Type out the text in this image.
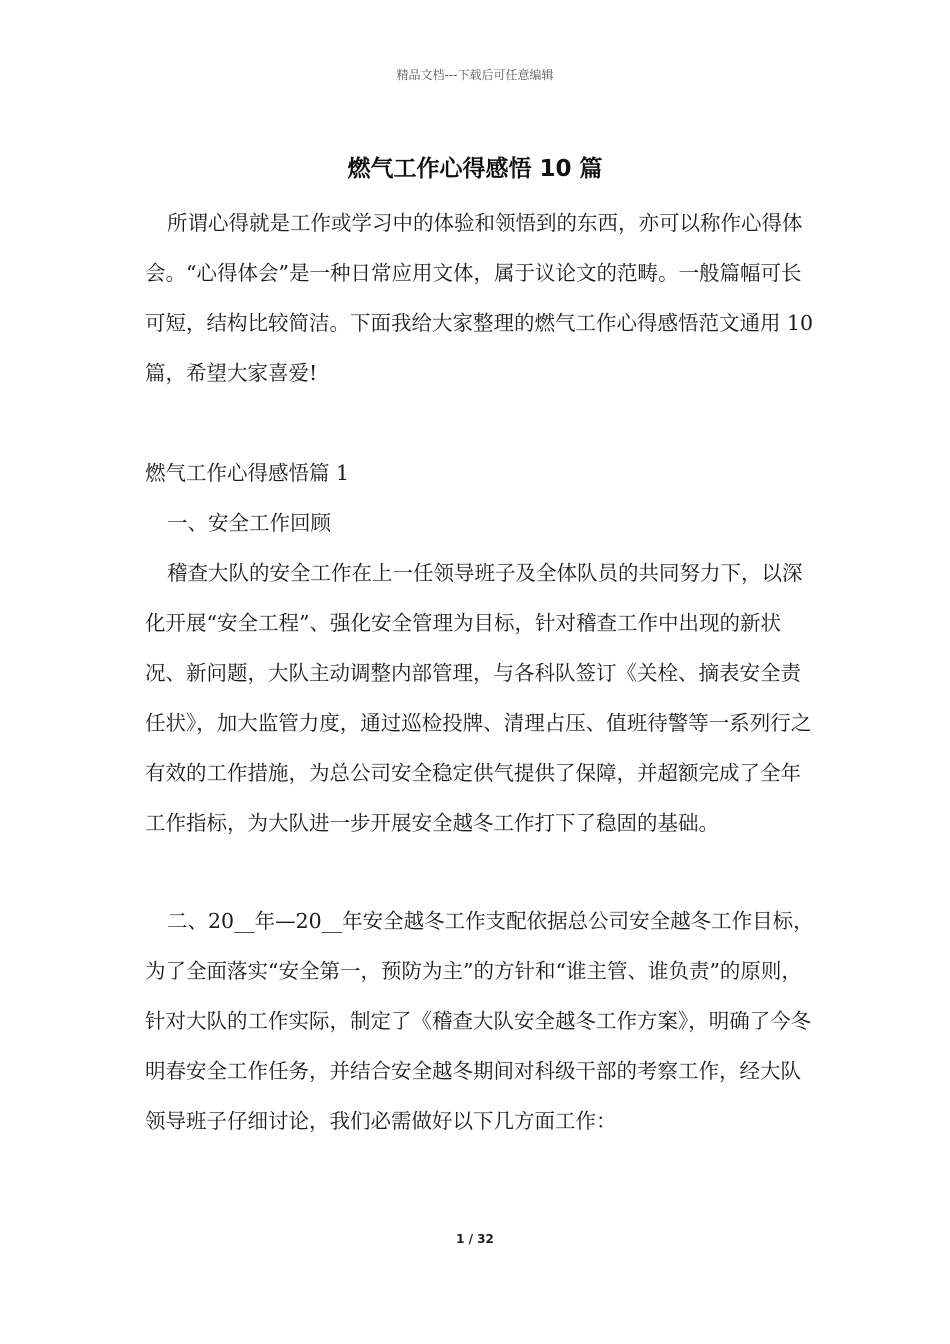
精品文档---下载后可任意编辑
燃气工作心得感悟 10 篇

所谓心得就是工作或学习中的体验和领悟到的东西，亦可以称作心得体会。“心得体会”是一种日常应用文体，属于议论文的范畴。一般篇幅可长可短，结构比较简洁。下面我给大家整理的燃气工作心得感悟范文通用 10 篇，希望大家喜爱!

燃气工作心得感悟篇 1

一、安全工作回顾

稽查大队的安全工作在上一任领导班子及全体队员的共同努力下，以深化开展“安全工程”、强化安全管理为目标，针对稽查工作中出现的新状况、新问题，大队主动调整内部管理，与各科队签订《关栓、摘表安全责任状》，加大监管力度，通过巡检投牌、清理占压、值班待警等一系列行之有效的工作措施，为总公司安全稳定供气提供了保障，并超额完成了全年工作指标，为大队进一步开展安全越冬工作打下了稳固的基础。

二、20__年—20__年安全越冬工作支配依据总公司安全越冬工作目标，为了全面落实“安全第一，预防为主”的方针和“谁主管、谁负责”的原则，针对大队的工作实际，制定了《稽查大队安全越冬工作方案》，明确了今冬明春安全工作任务，并结合安全越冬期间对科级干部的考察工作，经大队领导班子仔细讨论，我们必需做好以下几方面工作：

1 / 32
